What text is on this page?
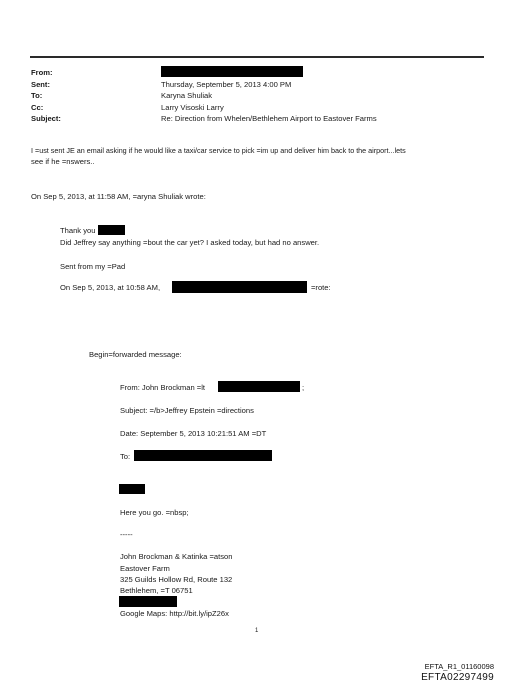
From:
Sent:
To:
Cc:
Subject:
Thursday, September 5, 2013 4:00 PM
Karyna Shuliak
Larry Visoski Larry
Re: Direction from Whelen/Bethlehem Airport to Eastover Farms
I =ust sent JE an email asking if he would like a taxi/car service to pick =im up and deliver him back to the airport...lets
see if he =nswers..
On Sep 5, 2013, at 11:58 AM, =aryna Shuliak wrote:
Thank you
Did Jeffrey say anything =bout the car yet? I asked today, but had no answer.
Sent from my =Pad
On Sep 5, 2013, at 10:58 AM,	=rote:
Begin=forwarded message:
From: John Brockman =lt	;
Subject: =/b>Jeffrey Epstein =directions
Date: September 5, 2013 10:21:51 AM =DT
To:
Here you go. =nbsp;
-----
John Brockman & Katinka =atson
Eastover Farm
325 Guilds Hollow Rd, Route 132
Bethlehem, =T 06751
Google Maps: http://bit.ly/ipZ26x
1
EFTA_R1_01160098
EFTA02297499
